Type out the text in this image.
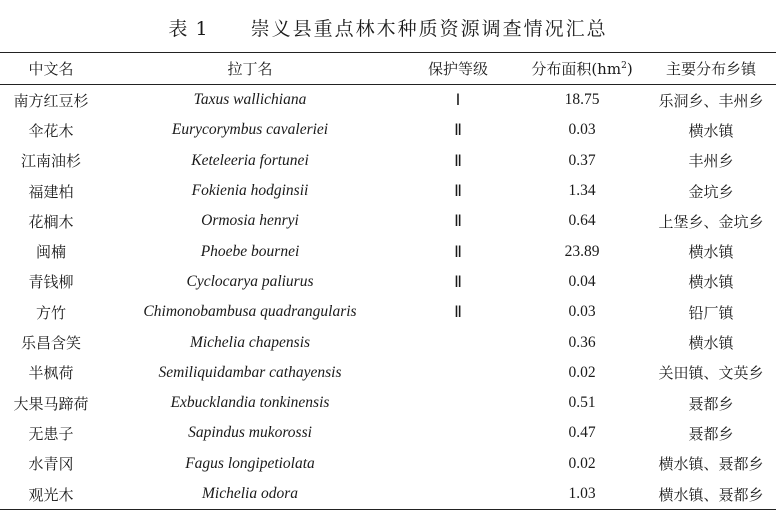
表 1 崇义县重点林木种质资源调查情况汇总
中文名	拉丁名	保护等级	分布面积$(hm^2)$	主要分布乡镇
南方红豆杉	Taxus wallichiana	Ⅰ	18.75	乐洞乡、丰州乡
伞花木	Eurycorymbus cavaleriei	Ⅱ	0.03	横水镇
江南油杉	Keteleeria fortunei	Ⅱ	0.37	丰州乡
福建柏	Fokienia hodginsii	Ⅱ	1.34	金坑乡
花榈木	Ormosia henryi	Ⅱ	0.64	上堡乡、金坑乡
闽楠	Phoebe bournei	Ⅱ	23.89	横水镇
青钱柳	Cyclocarya paliurus	Ⅱ	0.04	横水镇
方竹	Chimonobambusa quadrangularis	Ⅱ	0.03	铅厂镇
乐昌含笑	Michelia chapensis		0.36	横水镇
半枫荷	Semiliquidambar cathayensis		0.02	关田镇、文英乡
大果马蹄荷	Exbucklandia tonkinensis		0.51	聂都乡
无患子	Sapindus mukorossi		0.47	聂都乡
水青冈	Fagus longipetiolata		0.02	横水镇、聂都乡
观光木	Michelia odora		1.03	横水镇、聂都乡
